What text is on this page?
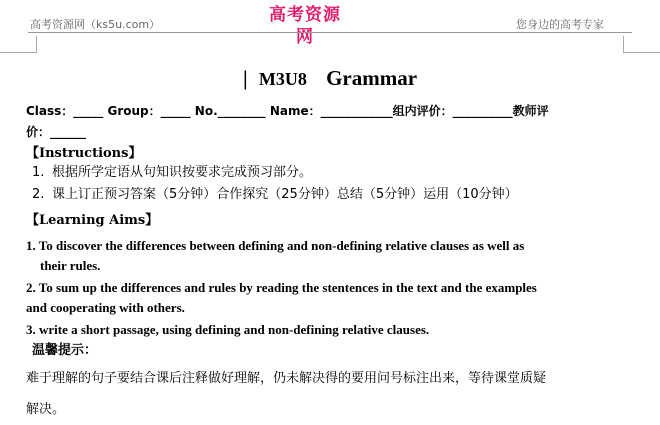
高考资源网（ks5u.com）	高考资源网
您身边的高考专家
| M3U8 Grammar
Class：_____ Group：_____ No.________ Name：____________组内评价：__________教师评
价：______
【Instructions】
1. 根据所学定语从句知识按要求完成预习部分。
2. 课上订正预习答案（5分钟）合作探究（25分钟）总结（5分钟）运用（10分钟）
【Learning Aims】
1. To discover the differences between defining and non-defining relative clauses as well as
their rules.
2. To sum up the differences and rules by reading the stentences in the text and the examples
and cooperating with others.
3. write a short passage, using defining and non-defining relative clauses.
温馨提示：
难于理解的句子要结合课后注释做好理解，仍未解决得的要用问号标注出来，等待课堂质疑
解决。
